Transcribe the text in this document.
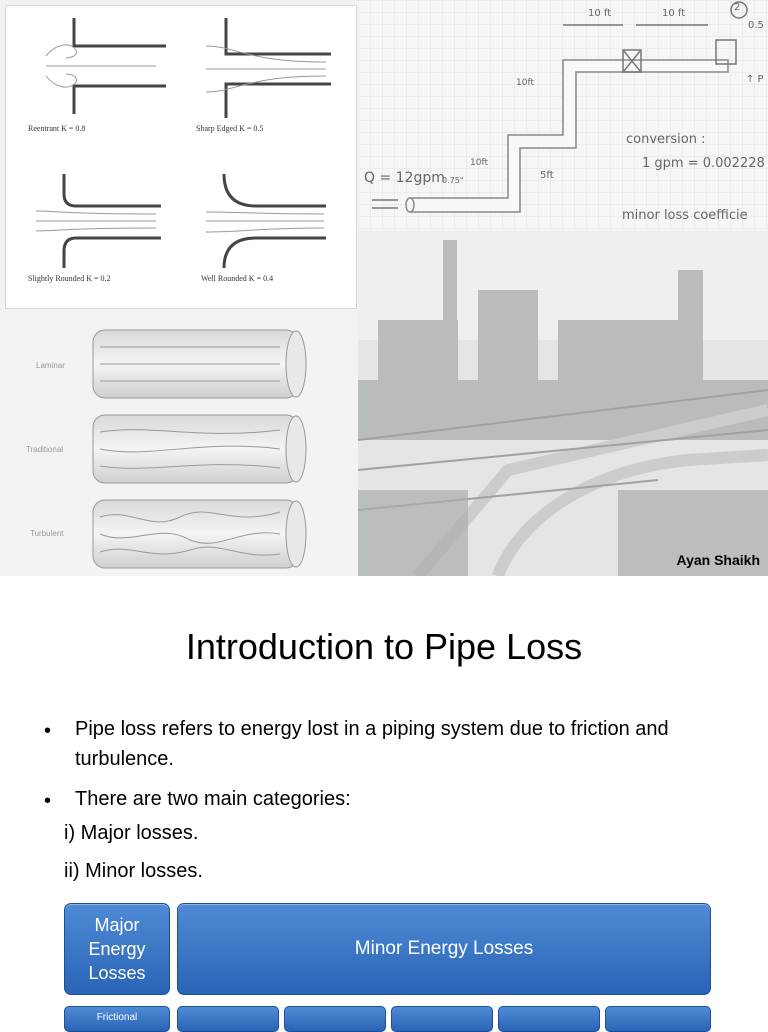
Reentrant K = 0.8	Sharp Edged K = 0.5
Slightly Rounded K = 0.2	Well Rounded K = 0.4
Laminar
Traditional
Turbulent
10 ft	10 ft
2
0.5
↑ P
10ft
10ft
5ft
Q = 12gpm
0.75"
conversion :
1 gpm = 0.002228
minor loss coefficie
Ayan Shaikh
Introduction to Pipe Loss
• Pipe loss refers to energy lost in a piping system due to friction and turbulence.
• There are two main categories:
i) Major losses.
ii) Minor losses.
Major Energy Losses
Minor Energy Losses
Frictional
